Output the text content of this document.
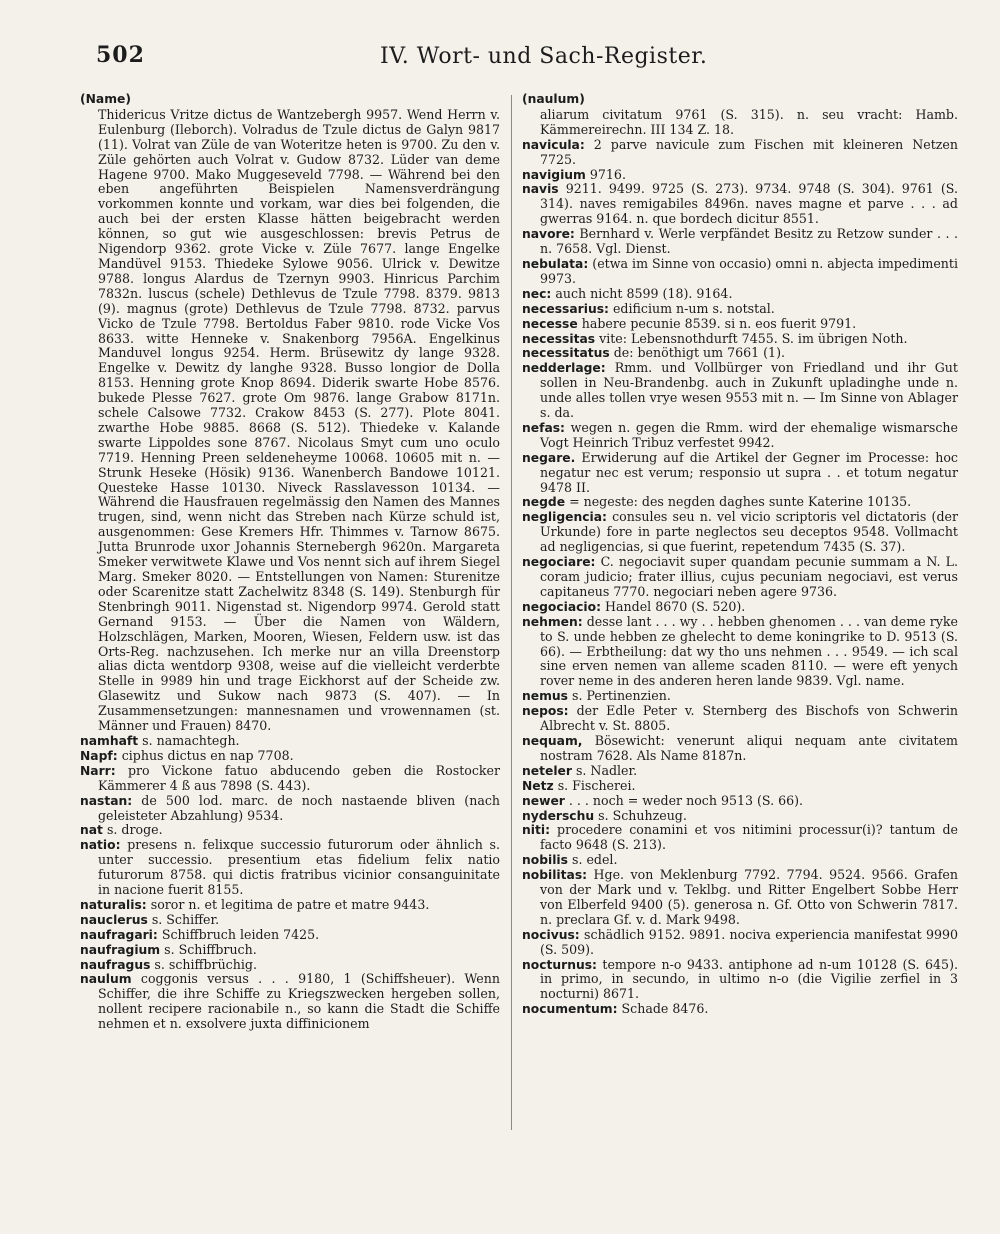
502	IV. Wort- und Sach-Register.
(Name)

Thidericus Vritze dictus de Wantzebergh 9957. Wend Herrn v. Eulenburg (Ileborch). Volradus de Tzule dictus de Galyn 9817 (11). Volrat van Züle de van Woteritze heten is 9700. Zu den v. Züle gehörten auch Volrat v. Gudow 8732. Lüder van deme Hagene 9700. Mako Muggeseveld 7798. — Während bei den eben angeführten Beispielen Namensverdrängung vorkommen konnte und vorkam, war dies bei folgenden, die auch bei der ersten Klasse hätten beigebracht werden können, so gut wie ausgeschlossen: brevis Petrus de Nigendorp 9362. grote Vicke v. Züle 7677. lange Engelke Mandüvel 9153. Thiedeke Sylowe 9056. Ulrick v. Dewitze 9788. longus Alardus de Tzernyn 9903. Hinricus Parchim 7832n. luscus (schele) Dethlevus de Tzule 7798. 8379. 9813 (9). magnus (grote) Dethlevus de Tzule 7798. 8732. parvus Vicko de Tzule 7798. Bertoldus Faber 9810. rode Vicke Vos 8633. witte Henneke v. Snakenborg 7956A. Engelkinus Manduvel longus 9254. Herm. Brüsewitz dy lange 9328. Engelke v. Dewitz dy langhe 9328. Busso longior de Dolla 8153. Henning grote Knop 8694. Diderik swarte Hobe 8576. bukede Plesse 7627. grote Om 9876. lange Grabow 8171n. schele Calsowe 7732. Crakow 8453 (S. 277). Plote 8041. zwarthe Hobe 9885. 8668 (S. 512). Thiedeke v. Kalande swarte Lippoldes sone 8767. Nicolaus Smyt cum uno oculo 7719. Henning Preen seldeneheyme 10068. 10605 mit n. — Strunk Heseke (Hösik) 9136. Wanenberch Bandowe 10121. Questeke Hasse 10130. Niveck Rasslavesson 10134. — Während die Hausfrauen regelmässig den Namen des Mannes trugen, sind, wenn nicht das Streben nach Kürze schuld ist, ausgenommen: Gese Kremers Hfr. Thimmes v. Tarnow 8675. Jutta Brunrode uxor Johannis Sternebergh 9620n. Margareta Smeker verwitwete Klawe und Vos nennt sich auf ihrem Siegel Marg. Smeker 8020. — Entstellungen von Namen: Sturenitze oder Scarenitze statt Zachelwitz 8348 (S. 149). Stenburgh für Stenbringh 9011. Nigenstad st. Nigendorp 9974. Gerold statt Gernand 9153. — Über die Namen von Wäldern, Holzschlägen, Marken, Mooren, Wiesen, Feldern usw. ist das Orts-Reg. nachzusehen. Ich merke nur an villa Dreenstorp alias dicta wentdorp 9308, weise auf die vielleicht verderbte Stelle in 9989 hin und trage Eickhorst auf der Scheide zw. Glasewitz und Sukow nach 9873 (S. 407). — In Zusammensetzungen: mannesnamen und vrowennamen (st. Männer und Frauen) 8470.

namhaft s. namachtegh.

Napf: ciphus dictus en nap 7708.

Narr: pro Vickone fatuo abducendo geben die Rostocker Kämmerer 4 ß aus 7898 (S. 443).

nastan: de 500 lod. marc. de noch nastaende bliven (nach geleisteter Abzahlung) 9534.

nat s. droge.

natio: presens n. felixque successio futurorum oder ähnlich s. unter successio. presentium etas fidelium felix natio futurorum 8758. qui dictis fratribus vicinior consanguinitate in nacione fuerit 8155.

naturalis: soror n. et legitima de patre et matre 9443.

nauclerus s. Schiffer.

naufragari: Schiffbruch leiden 7425.

naufragium s. Schiffbruch.

naufragus s. schiffbrüchig.

naulum coggonis versus . . . 9180, 1 (Schiffsheuer). Wenn Schiffer, die ihre Schiffe zu Kriegszwecken hergeben sollen, nollent recipere racionabile n., so kann die Stadt die Schiffe nehmen et n. exsolvere juxta diffinicionem

(naulum)

aliarum civitatum 9761 (S. 315). n. seu vracht: Hamb. Kämmereirechn. III 134 Z. 18.

navicula: 2 parve navicule zum Fischen mit kleineren Netzen 7725.

navigium 9716.

navis 9211. 9499. 9725 (S. 273). 9734. 9748 (S. 304). 9761 (S. 314). naves remigabiles 8496n. naves magne et parve . . . ad gwerras 9164. n. que bordech dicitur 8551.

navore: Bernhard v. Werle verpfändet Besitz zu Retzow sunder . . . n. 7658. Vgl. Dienst.

nebulata: (etwa im Sinne von occasio) omni n. abjecta impedimenti 9973.

nec: auch nicht 8599 (18). 9164.

necessarius: edificium n-um s. notstal.

necesse habere pecunie 8539. si n. eos fuerit 9791.

necessitas vite: Lebensnothdurft 7455. S. im übrigen Noth.

necessitatus de: benöthigt um 7661 (1).

nedderlage: Rmm. und Vollbürger von Friedland und ihr Gut sollen in Neu-Brandenbg. auch in Zukunft upladinghe unde n. unde alles tollen vrye wesen 9553 mit n. — Im Sinne von Ablager s. da.

nefas: wegen n. gegen die Rmm. wird der ehemalige wismarsche Vogt Heinrich Tribuz verfestet 9942.

negare. Erwiderung auf die Artikel der Gegner im Processe: hoc negatur nec est verum; responsio ut supra . . et totum negatur 9478 II.

negde = negeste: des negden daghes sunte Katerine 10135.

negligencia: consules seu n. vel vicio scriptoris vel dictatoris (der Urkunde) fore in parte neglectos seu deceptos 9548. Vollmacht ad negligencias, si que fuerint, repetendum 7435 (S. 37).

negociare: C. negociavit super quandam pecunie summam a N. L. coram judicio; frater illius, cujus pecuniam negociavi, est verus capitaneus 7770. negociari neben agere 9736.

negociacio: Handel 8670 (S. 520).

nehmen: desse lant . . . wy . . hebben ghenomen . . . van deme ryke to S. unde hebben ze ghelecht to deme koningrike to D. 9513 (S. 66). — Erbtheilung: dat wy tho uns nehmen . . . 9549. — ich scal sine erven nemen van alleme scaden 8110. — were eft yenych rover neme in des anderen heren lande 9839. Vgl. name.

nemus s. Pertinenzien.

nepos: der Edle Peter v. Sternberg des Bischofs von Schwerin Albrecht v. St. 8805.

nequam, Bösewicht: venerunt aliqui nequam ante civitatem nostram 7628. Als Name 8187n.

neteler s. Nadler.

Netz s. Fischerei.

newer . . . noch = weder noch 9513 (S. 66).

nyderschu s. Schuhzeug.

niti: procedere conamini et vos nitimini processur(i)? tantum de facto 9648 (S. 213).

nobilis s. edel.

nobilitas: Hge. von Meklenburg 7792. 7794. 9524. 9566. Grafen von der Mark und v. Teklbg. und Ritter Engelbert Sobbe Herr von Elberfeld 9400 (5). generosa n. Gf. Otto von Schwerin 7817. n. preclara Gf. v. d. Mark 9498.

nocivus: schädlich 9152. 9891. nociva experiencia manifestat 9990 (S. 509).

nocturnus: tempore n-o 9433. antiphone ad n-um 10128 (S. 645). in primo, in secundo, in ultimo n-o (die Vigilie zerfiel in 3 nocturni) 8671.

nocumentum: Schade 8476.
